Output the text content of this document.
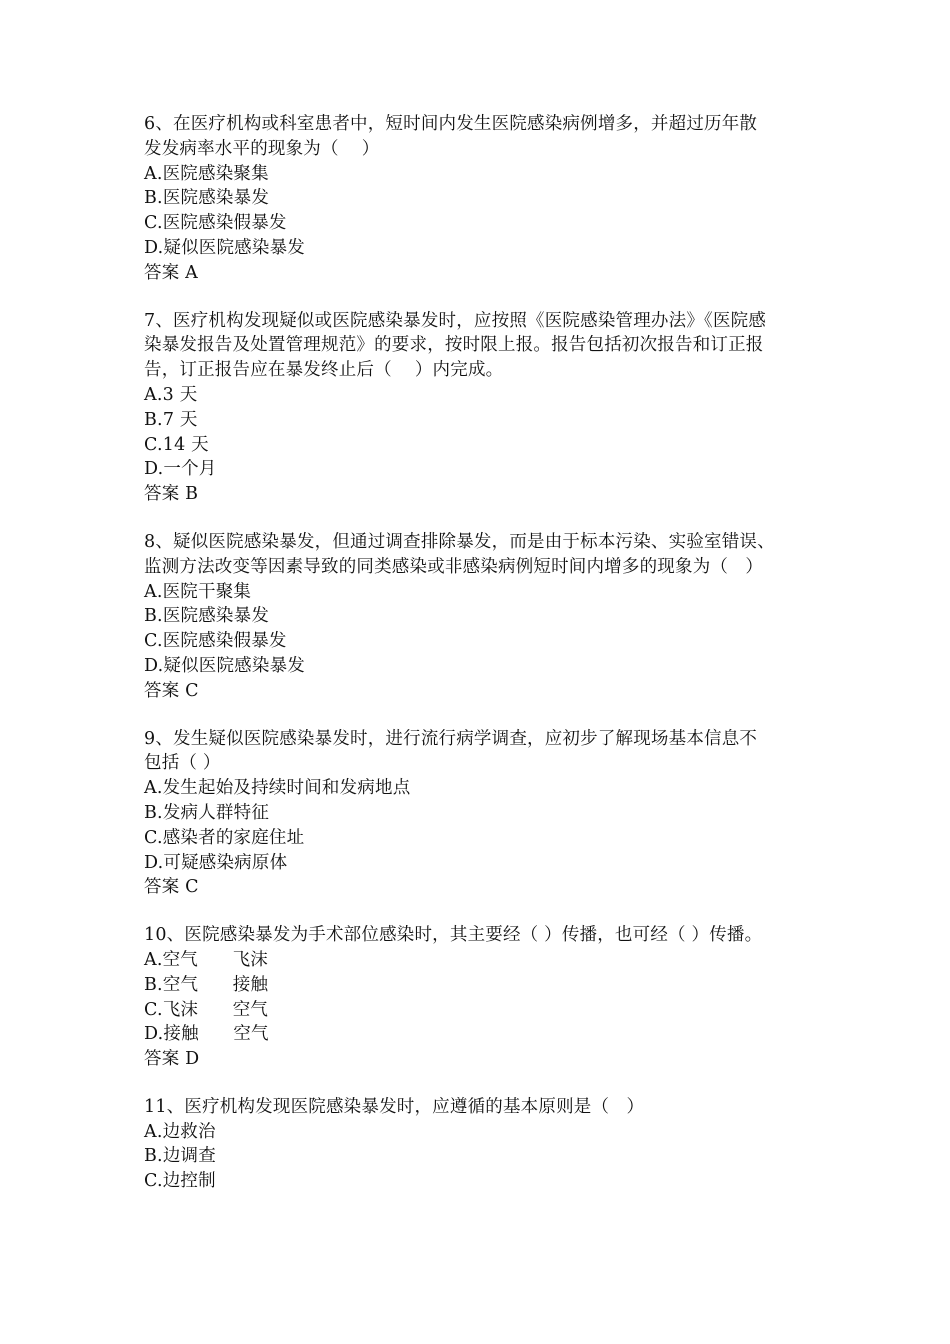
6、在医疗机构或科室患者中，短时间内发生医院感染病例增多，并超过历年散
发发病率水平的现象为（    ）
A.医院感染聚集
B.医院感染暴发
C.医院感染假暴发
D.疑似医院感染暴发
答案 A
7、医疗机构发现疑似或医院感染暴发时，应按照《医院感染管理办法》《医院感
染暴发报告及处置管理规范》的要求，按时限上报。报告包括初次报告和订正报
告，订正报告应在暴发终止后（    ）内完成。
A.3 天
B.7 天
C.14 天
D.一个月
答案 B
8、疑似医院感染暴发，但通过调查排除暴发，而是由于标本污染、实验室错误、
监测方法改变等因素导致的同类感染或非感染病例短时间内增多的现象为（   ）
A.医院干聚集
B.医院感染暴发
C.医院感染假暴发
D.疑似医院感染暴发
答案 C
9、发生疑似医院感染暴发时，进行流行病学调查，应初步了解现场基本信息不
包括（ ）
A.发生起始及持续时间和发病地点
B.发病人群特征
C.感染者的家庭住址
D.可疑感染病原体
答案 C
10、医院感染暴发为手术部位感染时，其主要经（ ）传播，也可经（ ）传播。
A.空气      飞沫
B.空气      接触
C.飞沫      空气
D.接触      空气
答案 D
11、医疗机构发现医院感染暴发时，应遵循的基本原则是（   ）
A.边救治
B.边调查
C.边控制
